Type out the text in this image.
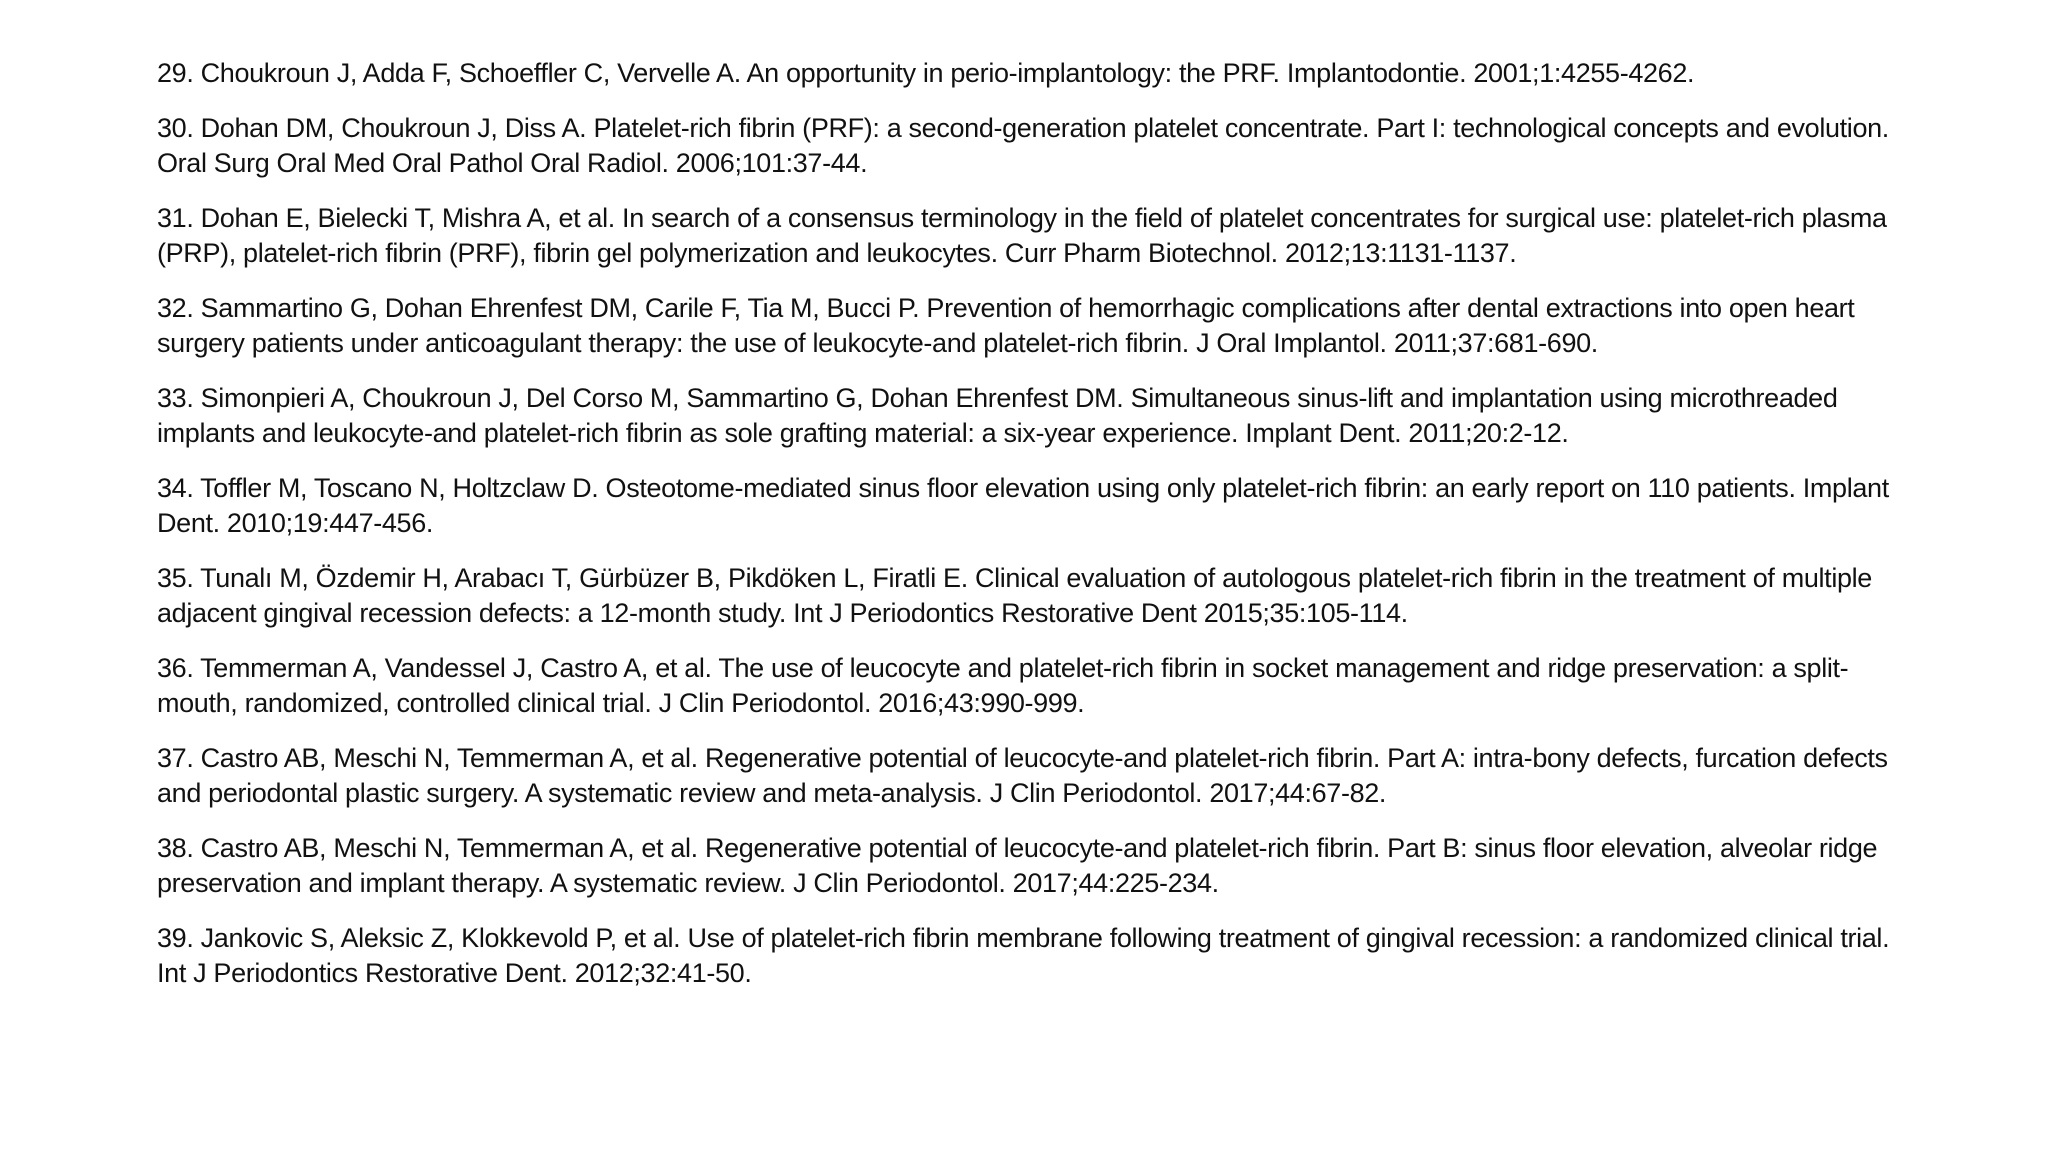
29. Choukroun J, Adda F, Schoeffler C, Vervelle A. An opportunity in perio-implantology: the PRF. Implantodontie. 2001;1:4255-4262.
30. Dohan DM, Choukroun J, Diss A. Platelet-rich fibrin (PRF): a second-generation platelet concentrate. Part I: technological concepts and evolution. Oral Surg Oral Med Oral Pathol Oral Radiol. 2006;101:37-44.
31. Dohan E, Bielecki T, Mishra A, et al. In search of a consensus terminology in the field of platelet concentrates for surgical use: platelet-rich plasma (PRP), platelet-rich fibrin (PRF), fibrin gel polymerization and leukocytes. Curr Pharm Biotechnol. 2012;13:1131-1137.
32. Sammartino G, Dohan Ehrenfest DM, Carile F, Tia M, Bucci P. Prevention of hemorrhagic complications after dental extractions into open heart surgery patients under anticoagulant therapy: the use of leukocyte-and platelet-rich fibrin. J Oral Implantol. 2011;37:681-690.
33. Simonpieri A, Choukroun J, Del Corso M, Sammartino G, Dohan Ehrenfest DM. Simultaneous sinus-lift and implantation using microthreaded implants and leukocyte-and platelet-rich fibrin as sole grafting material: a six-year experience. Implant Dent. 2011;20:2-12.
34. Toffler M, Toscano N, Holtzclaw D. Osteotome-mediated sinus floor elevation using only platelet-rich fibrin: an early report on 110 patients. Implant Dent. 2010;19:447-456.
35. Tunalı M, Özdemir H, Arabacı T, Gürbüzer B, Pikdöken L, Firatli E. Clinical evaluation of autologous platelet-rich fibrin in the treatment of multiple adjacent gingival recession defects: a 12-month study. Int J Periodontics Restorative Dent 2015;35:105-114.
36. Temmerman A, Vandessel J, Castro A, et al. The use of leucocyte and platelet-rich fibrin in socket management and ridge preservation: a split-mouth, randomized, controlled clinical trial. J Clin Periodontol. 2016;43:990-999.
37. Castro AB, Meschi N, Temmerman A, et al. Regenerative potential of leucocyte-and platelet-rich fibrin. Part A: intra-bony defects, furcation defects and periodontal plastic surgery. A systematic review and meta-analysis. J Clin Periodontol. 2017;44:67-82.
38. Castro AB, Meschi N, Temmerman A, et al. Regenerative potential of leucocyte-and platelet-rich fibrin. Part B: sinus floor elevation, alveolar ridge preservation and implant therapy. A systematic review. J Clin Periodontol. 2017;44:225-234.
39. Jankovic S, Aleksic Z, Klokkevold P, et al. Use of platelet-rich fibrin membrane following treatment of gingival recession: a randomized clinical trial. Int J Periodontics Restorative Dent. 2012;32:41-50.
